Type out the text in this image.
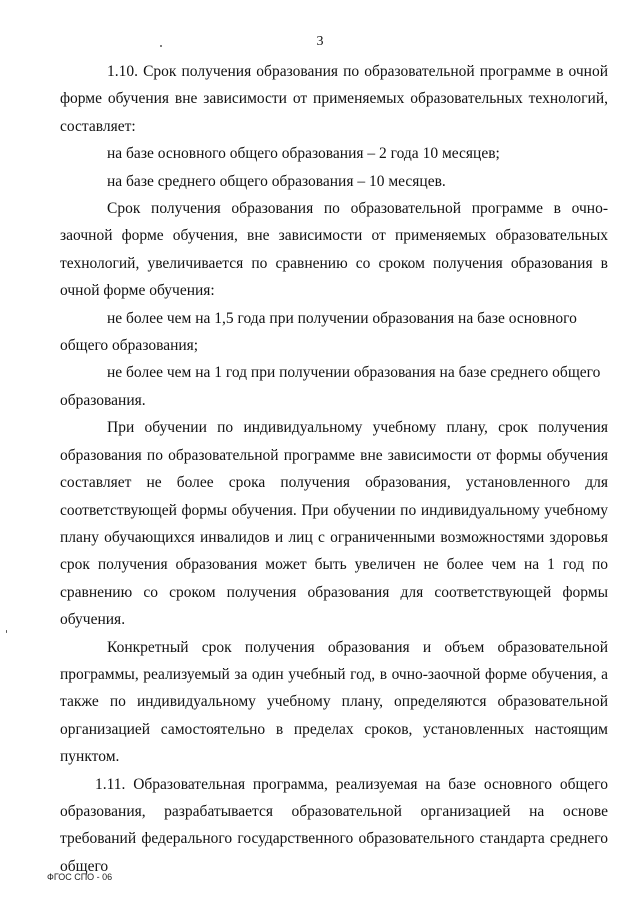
3

1.10. Срок получения образования по образовательной программе в очной форме обучения вне зависимости от применяемых образовательных технологий, составляет:

на базе основного общего образования – 2 года 10 месяцев;

на базе среднего общего образования – 10 месяцев.

Срок получения образования по образовательной программе в очно-заочной форме обучения, вне зависимости от применяемых образовательных технологий, увеличивается по сравнению со сроком получения образования в очной форме обучения:

не более чем на 1,5 года при получении образования на базе основного общего образования;

не более чем на 1 год при получении образования на базе среднего общего образования.

При обучении по индивидуальному учебному плану, срок получения образования по образовательной программе вне зависимости от формы обучения составляет не более срока получения образования, установленного для соответствующей формы обучения. При обучении по индивидуальному учебному плану обучающихся инвалидов и лиц с ограниченными возможностями здоровья срок получения образования может быть увеличен не более чем на 1 год по сравнению со сроком получения образования для соответствующей формы обучения.

Конкретный срок получения образования и объем образовательной программы, реализуемый за один учебный год, в очно-заочной форме обучения, а также по индивидуальному учебному плану, определяются образовательной организацией самостоятельно в пределах сроков, установленных настоящим пунктом.

1.11. Образовательная программа, реализуемая на базе основного общего образования, разрабатывается образовательной организацией на основе требований федерального государственного образовательного стандарта среднего общего

ФГОС СПО - 06
